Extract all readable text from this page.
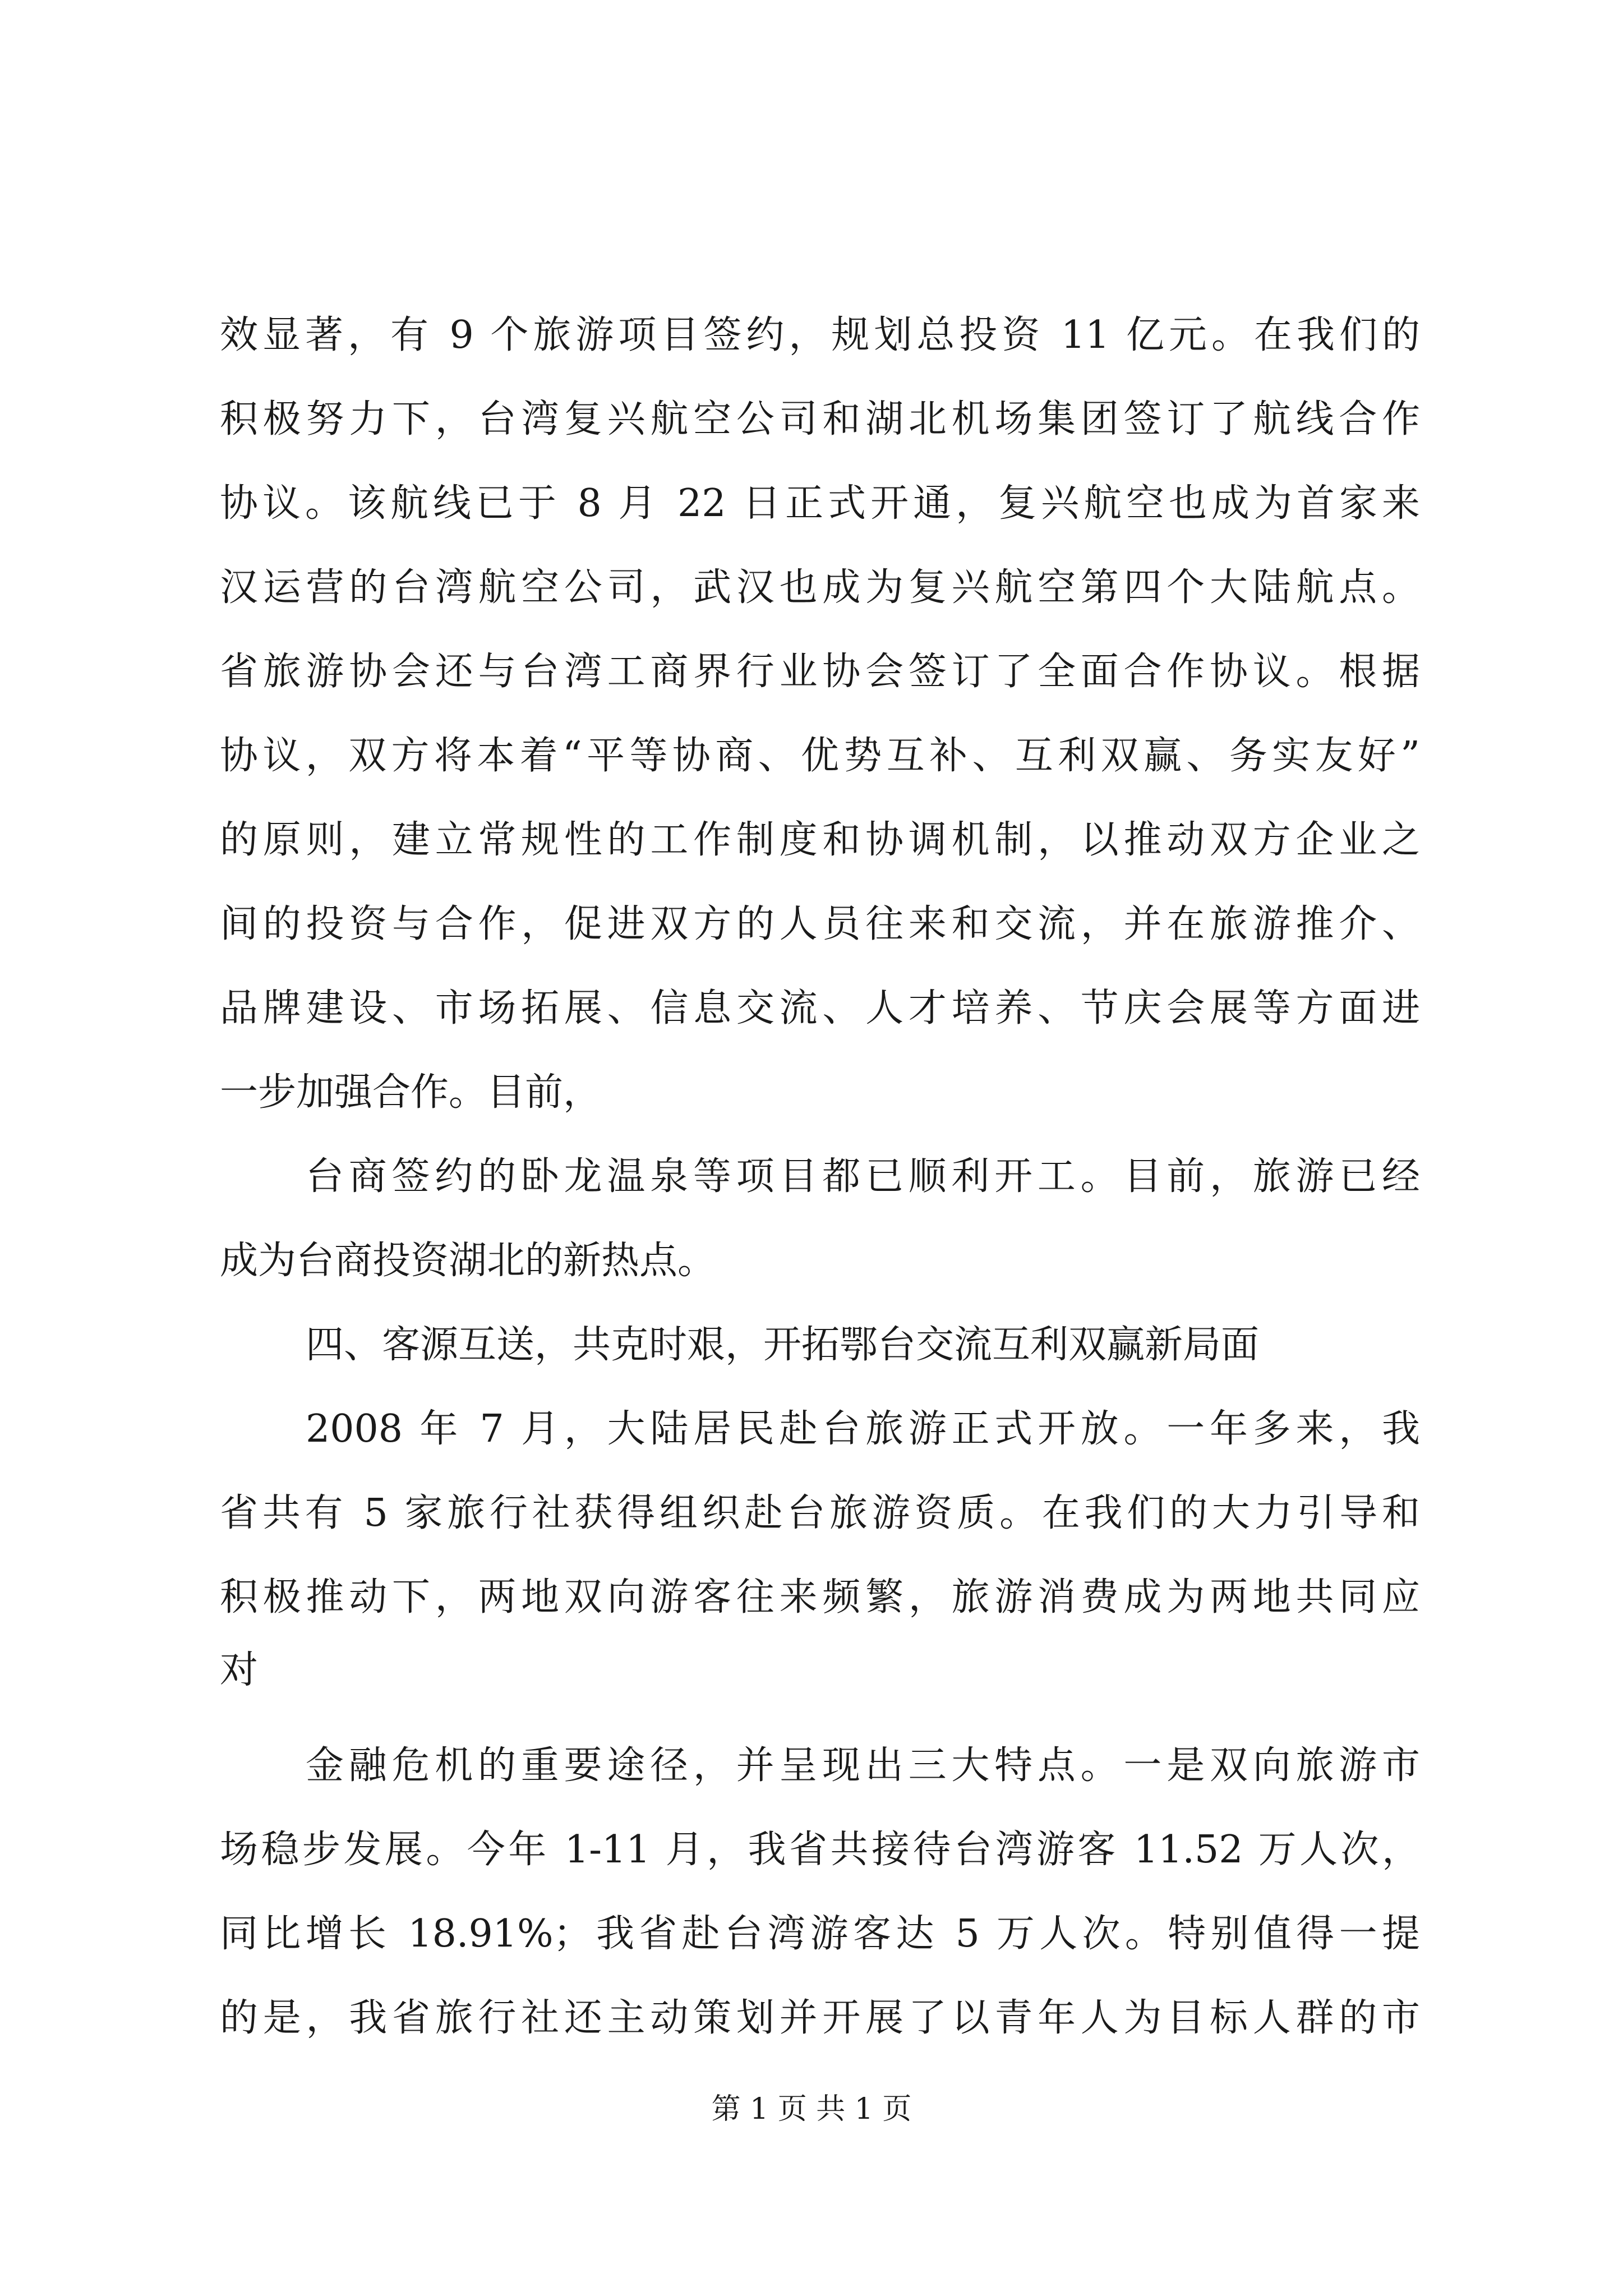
效显著，有 9 个旅游项目签约，规划总投资 11 亿元。在我们的
积极努力下，台湾复兴航空公司和湖北机场集团签订了航线合作
协议。该航线已于 8 月 22 日正式开通，复兴航空也成为首家来
汉运营的台湾航空公司，武汉也成为复兴航空第四个大陆航点。
省旅游协会还与台湾工商界行业协会签订了全面合作协议。根据
协议，双方将本着“平等协商、优势互补、互利双赢、务实友好”
的原则，建立常规性的工作制度和协调机制，以推动双方企业之
间的投资与合作，促进双方的人员往来和交流，并在旅游推介、
品牌建设、市场拓展、信息交流、人才培养、节庆会展等方面进
一步加强合作。目前，
台商签约的卧龙温泉等项目都已顺利开工。目前，旅游已经
成为台商投资湖北的新热点。
四、客源互送，共克时艰，开拓鄂台交流互利双赢新局面
2008 年 7 月，大陆居民赴台旅游正式开放。一年多来，我
省共有 5 家旅行社获得组织赴台旅游资质。在我们的大力引导和
积极推动下，两地双向游客往来频繁，旅游消费成为两地共同应
对
金融危机的重要途径，并呈现出三大特点。一是双向旅游市
场稳步发展。今年 1-11 月，我省共接待台湾游客 11.52 万人次，
同比增长 18.91%；我省赴台湾游客达 5 万人次。特别值得一提
的是，我省旅行社还主动策划并开展了以青年人为目标人群的市
第 1 页 共 1 页
